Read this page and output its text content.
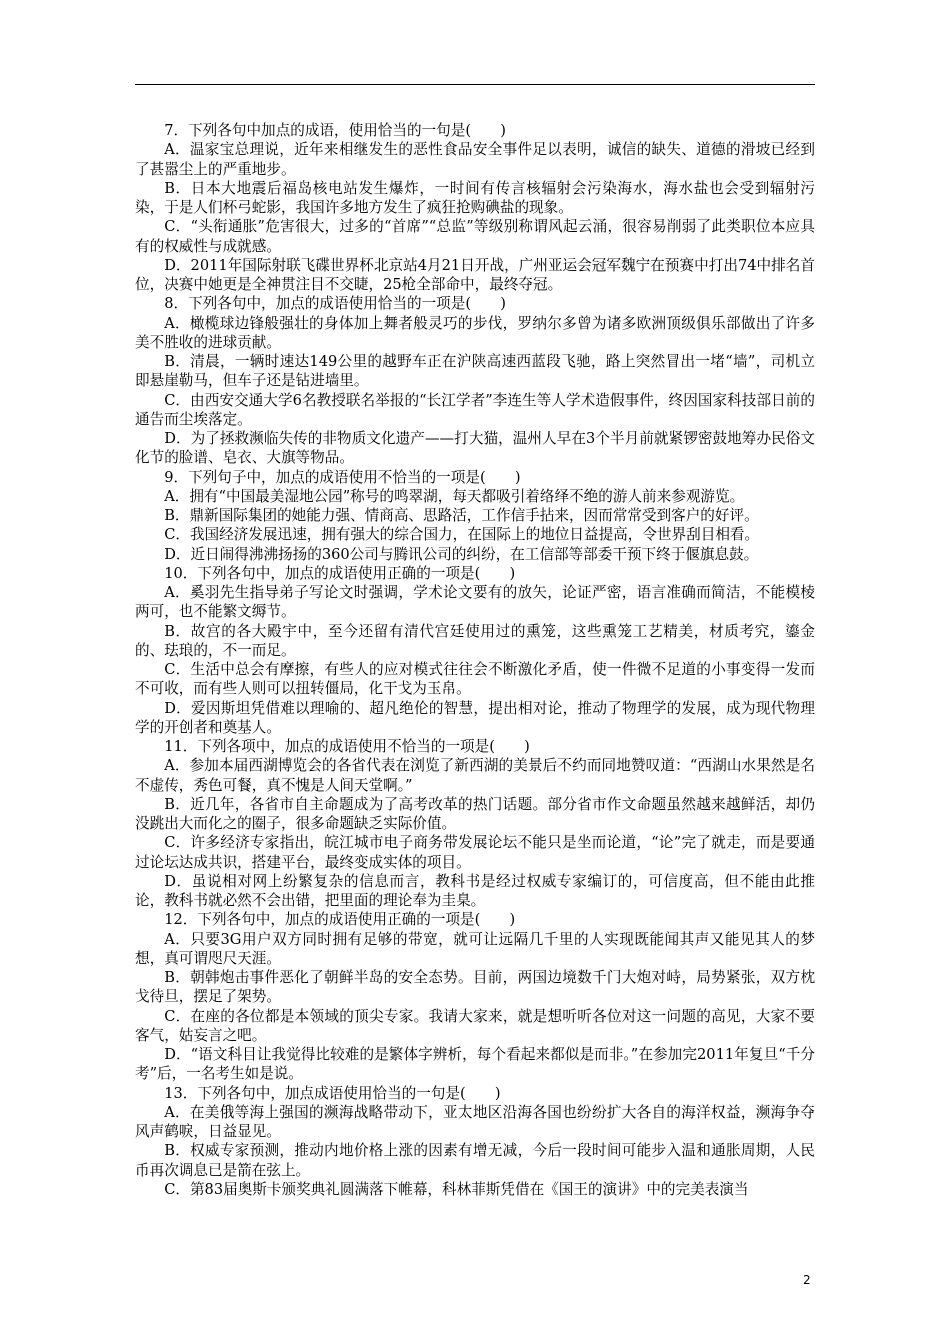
7．下列各句中加点的成语，使用恰当的一句是(　　)

A．温家宝总理说，近年来相继发生的恶性食品安全事件足以表明，诚信的缺失、道德的滑坡已经到了甚嚣尘上的严重地步。

B．日本大地震后福岛核电站发生爆炸，一时间有传言核辐射会污染海水，海水盐也会受到辐射污染，于是人们杯弓蛇影，我国许多地方发生了疯狂抢购碘盐的现象。

C．“头衔通胀”危害很大，过多的“首席”“总监”等级别称谓风起云涌，很容易削弱了此类职位本应具有的权威性与成就感。

D．2011年国际射联飞碟世界杯北京站4月21日开战，广州亚运会冠军魏宁在预赛中打出74中排名首位，决赛中她更是全神贯注目不交睫，25枪全部命中，最终夺冠。

8．下列各句中，加点的成语使用恰当的一项是(　　)

A．橄榄球边锋般强壮的身体加上舞者般灵巧的步伐，罗纳尔多曾为诸多欧洲顶级俱乐部做出了许多美不胜收的进球贡献。

B．清晨，一辆时速达149公里的越野车正在沪陕高速西蓝段飞驰，路上突然冒出一堵“墙”，司机立即悬崖勒马，但车子还是钻进墙里。

C．由西安交通大学6名教授联名举报的“长江学者”李连生等人学术造假事件，终因国家科技部日前的通告而尘埃落定。

D．为了拯救濒临失传的非物质文化遗产——打大猫，温州人早在3个半月前就紧锣密鼓地筹办民俗文化节的脸谱、皂衣、大旗等物品。

9．下列句子中，加点的成语使用不恰当的一项是(　　)

A．拥有“中国最美湿地公园”称号的鸣翠湖，每天都吸引着络绎不绝的游人前来参观游览。

B．鼎新国际集团的她能力强、情商高、思路活，工作信手拈来，因而常常受到客户的好评。

C．我国经济发展迅速，拥有强大的综合国力，在国际上的地位日益提高，令世界刮目相看。

D．近日闹得沸沸扬扬的360公司与腾讯公司的纠纷，在工信部等部委干预下终于偃旗息鼓。

10．下列各句中，加点的成语使用正确的一项是(　　)

A．奚羽先生指导弟子写论文时强调，学术论文要有的放矢，论证严密，语言准确而简洁，不能模棱两可，也不能繁文缛节。

B．故宫的各大殿宇中，至今还留有清代宫廷使用过的熏笼，这些熏笼工艺精美，材质考究，鎏金的、珐琅的，不一而足。

C．生活中总会有摩擦，有些人的应对模式往往会不断激化矛盾，使一件微不足道的小事变得一发而不可收，而有些人则可以扭转僵局，化干戈为玉帛。

D．爱因斯坦凭借难以理喻的、超凡绝伦的智慧，提出相对论，推动了物理学的发展，成为现代物理学的开创者和奠基人。

11．下列各项中，加点的成语使用不恰当的一项是(　　)

A．参加本届西湖博览会的各省代表在浏览了新西湖的美景后不约而同地赞叹道：“西湖山水果然是名不虚传，秀色可餐，真不愧是人间天堂啊。”

B．近几年，各省市自主命题成为了高考改革的热门话题。部分省市作文命题虽然越来越鲜活，却仍没跳出大而化之的圈子，很多命题缺乏实际价值。

C．许多经济专家指出，皖江城市电子商务带发展论坛不能只是坐而论道，“论”完了就走，而是要通过论坛达成共识，搭建平台，最终变成实体的项目。

D．虽说相对网上纷繁复杂的信息而言，教科书是经过权威专家编订的，可信度高，但不能由此推论，教科书就必然不会出错，把里面的理论奉为圭臬。

12．下列各句中，加点的成语使用正确的一项是(　　)

A．只要3G用户双方同时拥有足够的带宽，就可让远隔几千里的人实现既能闻其声又能见其人的梦想，真可谓咫尺天涯。

B．朝韩炮击事件恶化了朝鲜半岛的安全态势。目前，两国边境数千门大炮对峙，局势紧张，双方枕戈待旦，摆足了架势。

C．在座的各位都是本领域的顶尖专家。我请大家来，就是想听听各位对这一问题的高见，大家不要客气，姑妄言之吧。

D．“语文科目让我觉得比较难的是繁体字辨析，每个看起来都似是而非。”在参加完2011年复旦“千分考”后，一名考生如是说。

13．下列各句中，加点成语使用恰当的一句是(　　)

A．在美俄等海上强国的濒海战略带动下，亚太地区沿海各国也纷纷扩大各自的海洋权益，濒海争夺风声鹤唳，日益显见。

B．权威专家预测，推动内地价格上涨的因素有增无减，今后一段时间可能步入温和通胀周期，人民币再次调息已是箭在弦上。

C．第83届奥斯卡颁奖典礼圆满落下帷幕，科林菲斯凭借在《国王的演讲》中的完美表演当

2
